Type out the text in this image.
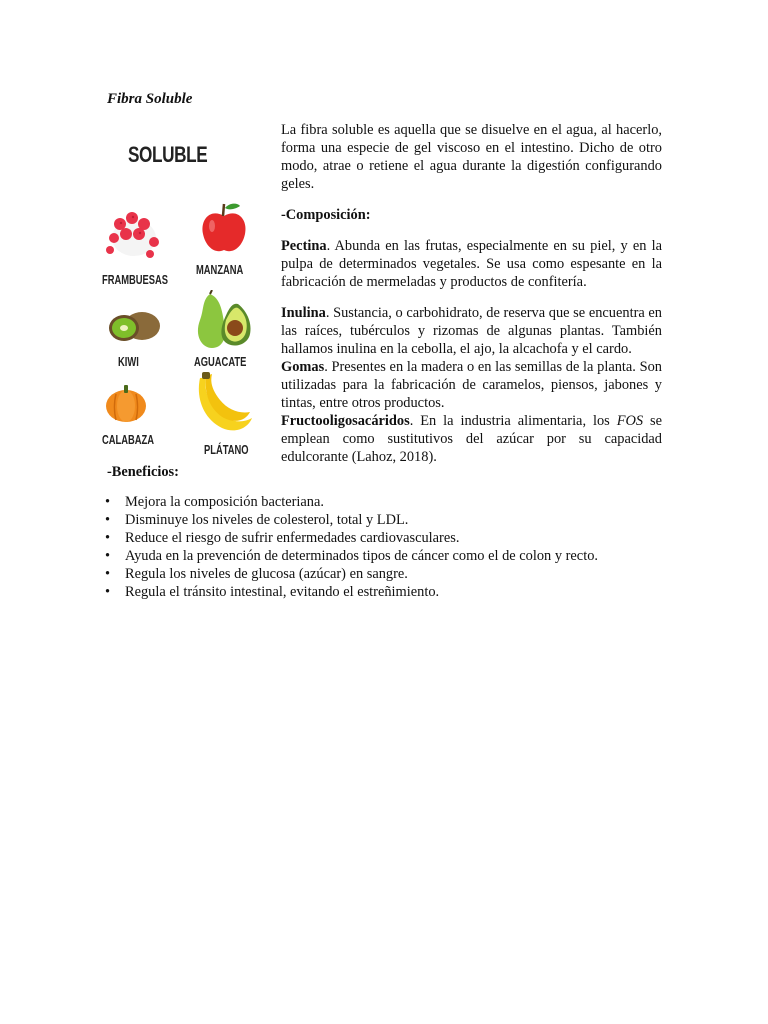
Fibra Soluble
SOLUBLE
FRAMBUESAS
MANZANA
KIWI	AGUACATE
CALABAZA
PLÁTANO

La fibra soluble es aquella que se disuelve en el agua, al hacerlo, forma una especie de gel viscoso en el intestino. Dicho de otro modo, atrae o retiene el agua durante la digestión configurando geles.

-Composición:

Pectina. Abunda en las frutas, especialmente en su piel, y en la pulpa de determinados vegetales. Se usa como espesante en la fabricación de mermeladas y productos de confitería.

Inulina. Sustancia, o carbohidrato, de reserva que se encuentra en las raíces, tubérculos y rizomas de algunas plantas. También hallamos inulina en la cebolla, el ajo, la alcachofa y el cardo.

Gomas. Presentes en la madera o en las semillas de la planta. Son utilizadas para la fabricación de caramelos, piensos, jabones y tintas, entre otros productos.

Fructooligosacáridos. En la industria alimentaria, los FOS se emplean como sustitutivos del azúcar por su capacidad edulcorante (Lahoz, 2018).

-Beneficios:
• Mejora la composición bacteriana.
• Disminuye los niveles de colesterol, total y LDL.
• Reduce el riesgo de sufrir enfermedades cardiovasculares.
• Ayuda en la prevención de determinados tipos de cáncer como el de colon y recto.
• Regula los niveles de glucosa (azúcar) en sangre.
• Regula el tránsito intestinal, evitando el estreñimiento.
